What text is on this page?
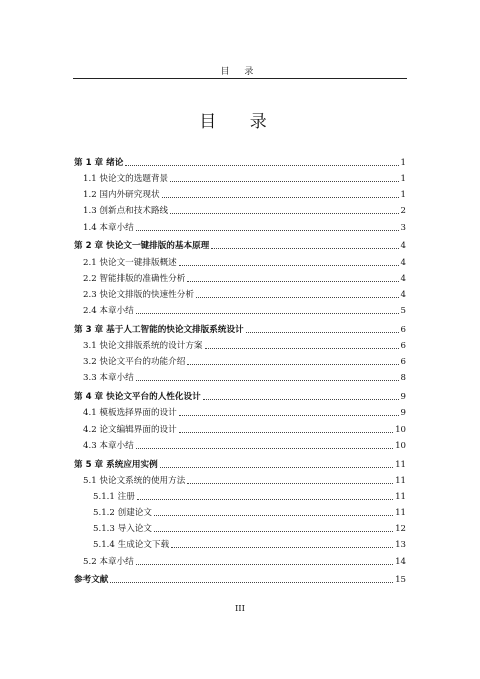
目 录
目 录
第 1 章 绪论	1
1.1 快论文的选题背景	1
1.2 国内外研究现状	1
1.3 创新点和技术路线	2
1.4 本章小结	3
第 2 章 快论文一键排版的基本原理	4
2.1 快论文一键排版概述	4
2.2 智能排版的准确性分析	4
2.3 快论文排版的快速性分析	4
2.4 本章小结	5
第 3 章 基于人工智能的快论文排版系统设计	6
3.1 快论文排版系统的设计方案	6
3.2 快论文平台的功能介绍	6
3.3 本章小结	8
第 4 章 快论文平台的人性化设计	9
4.1 模板选择界面的设计	9
4.2 论文编辑界面的设计	10
4.3 本章小结	10
第 5 章 系统应用实例	11
5.1 快论文系统的使用方法	11
5.1.1 注册	11
5.1.2 创建论文	11
5.1.3 导入论文	12
5.1.4 生成论文下载	13
5.2 本章小结	14
参考文献	15
III
